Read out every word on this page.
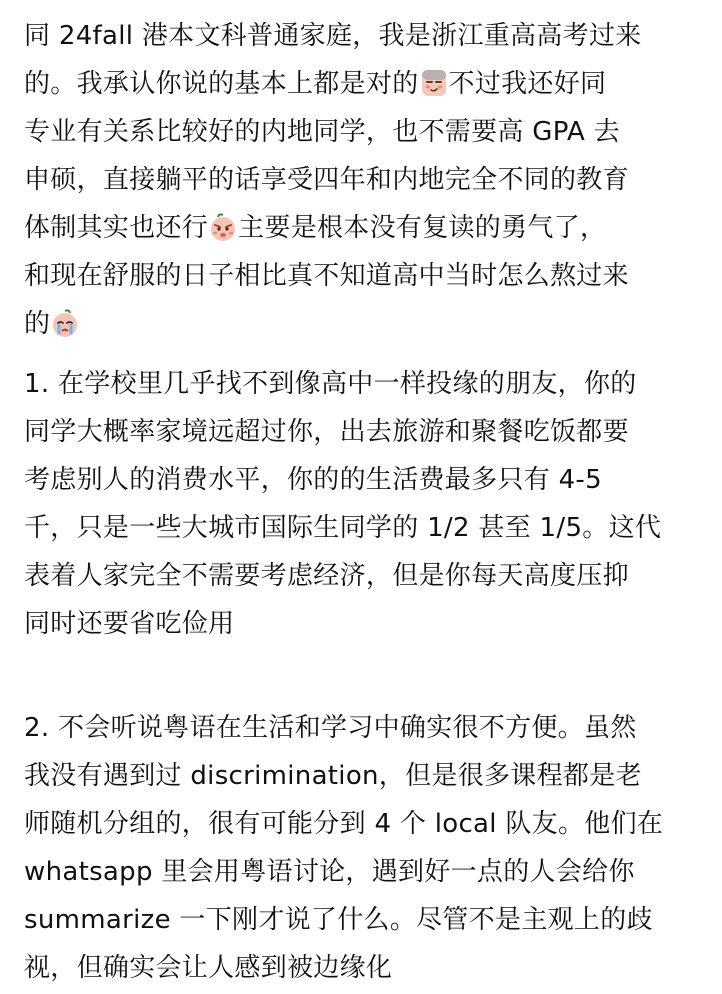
同 24fall 港本文科普通家庭，我是浙江重高高考过来
的。我承认你说的基本上都是对的 不过我还好同
专业有关系比较好的内地同学，也不需要高 GPA 去
申硕，直接躺平的话享受四年和内地完全不同的教育
体制其实也还行 主要是根本没有复读的勇气了，
和现在舒服的日子相比真不知道高中当时怎么熬过来
的
1. 在学校里几乎找不到像高中一样投缘的朋友，你的
同学大概率家境远超过你，出去旅游和聚餐吃饭都要
考虑别人的消费水平，你的的生活费最多只有 4-5
千，只是一些大城市国际生同学的 1/2 甚至 1/5。这代
表着人家完全不需要考虑经济，但是你每天高度压抑
同时还要省吃俭用
2. 不会听说粤语在生活和学习中确实很不方便。虽然
我没有遇到过 discrimination，但是很多课程都是老
师随机分组的，很有可能分到 4 个 local 队友。他们在
whatsapp 里会用粤语讨论，遇到好一点的人会给你
summarize 一下刚才说了什么。尽管不是主观上的歧
视，但确实会让人感到被边缘化
